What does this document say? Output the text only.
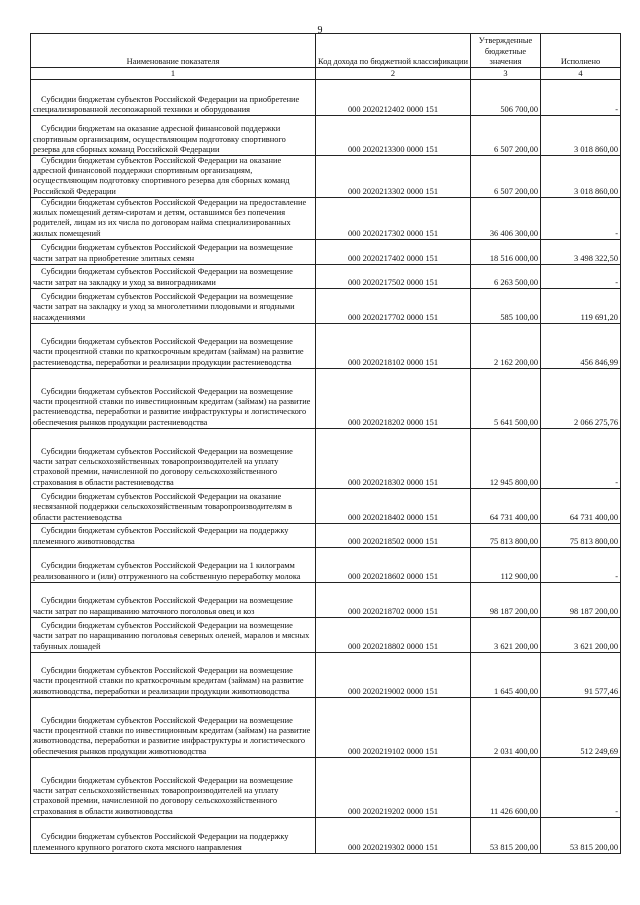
9
Наименование показателя	Код дохода по бюджетной классификации	Утвержденные бюджетные значения	Исполнено
1	2	3	4
Субсидии бюджетам субъектов Российской Федерации на приобретение специализированной лесопожарной техники и оборудования	000 2020212402 0000 151	506 700,00	-
Субсидии бюджетам на оказание адресной финансовой поддержки спортивным организациям, осуществляющим подготовку спортивного резерва для сборных команд Российской Федерации	000 2020213300 0000 151	6 507 200,00	3 018 860,00
Субсидии бюджетам субъектов Российской Федерации на оказание адресной финансовой поддержки спортивным организациям, осуществляющим подготовку спортивного резерва для сборных команд Российской Федерации	000 2020213302 0000 151	6 507 200,00	3 018 860,00
Субсидии бюджетам субъектов Российской Федерации на предоставление жилых помещений детям-сиротам и детям, оставшимся без попечения родителей, лицам из их числа по договорам найма специализированных жилых помещений	000 2020217302 0000 151	36 406 300,00	-
Субсидии бюджетам субъектов Российской Федерации на возмещение части затрат на приобретение элитных семян	000 2020217402 0000 151	18 516 000,00	3 498 322,50
Субсидии бюджетам субъектов Российской Федерации на возмещение части затрат на закладку и уход за виноградниками	000 2020217502 0000 151	6 263 500,00	-
Субсидии бюджетам субъектов Российской Федерации на возмещение части затрат на закладку и уход за многолетними плодовыми и ягодными насаждениями	000 2020217702 0000 151	585 100,00	119 691,20
Субсидии бюджетам субъектов Российской Федерации на возмещение части процентной ставки по краткосрочным кредитам (займам) на развитие растениеводства, переработки и реализации продукции растениеводства	000 2020218102 0000 151	2 162 200,00	456 846,99
Субсидии бюджетам субъектов Российской Федерации на возмещение части процентной ставки по инвестиционным кредитам (займам) на развитие растениеводства, переработки и развитие инфраструктуры и логистического обеспечения рынков продукции растениеводства	000 2020218202 0000 151	5 641 500,00	2 066 275,76
Субсидии бюджетам субъектов Российской Федерации на возмещение части затрат сельскохозяйственных товаропроизводителей на уплату страховой премии, начисленной по договору сельскохозяйственного страхования в области растениеводства	000 2020218302 0000 151	12 945 800,00	-
Субсидии бюджетам субъектов Российской Федерации на оказание несвязанной поддержки сельскохозяйственным товаропроизводителям в области растениеводства	000 2020218402 0000 151	64 731 400,00	64 731 400,00
Субсидии бюджетам субъектов Российской Федерации на поддержку племенного животноводства	000 2020218502 0000 151	75 813 800,00	75 813 800,00
Субсидии бюджетам субъектов Российской Федерации на 1 килограмм реализованного и (или) отгруженного на собственную переработку молока	000 2020218602 0000 151	112 900,00	-
Субсидии бюджетам субъектов Российской Федерации на возмещение части затрат по наращиванию маточного поголовья овец и коз	000 2020218702 0000 151	98 187 200,00	98 187 200,00
Субсидии бюджетам субъектов Российской Федерации на возмещение части затрат по наращиванию поголовья северных оленей, маралов и мясных табунных лошадей	000 2020218802 0000 151	3 621 200,00	3 621 200,00
Субсидии бюджетам субъектов Российской Федерации на возмещение части процентной ставки по краткосрочным кредитам (займам) на развитие животноводства, переработки и реализации продукции животноводства	000 2020219002 0000 151	1 645 400,00	91 577,46
Субсидии бюджетам субъектов Российской Федерации на возмещение части процентной ставки по инвестиционным кредитам (займам) на развитие животноводства, переработки и развитие инфраструктуры и логистического обеспечения рынков продукции животноводства	000 2020219102 0000 151	2 031 400,00	512 249,69
Субсидии бюджетам субъектов Российской Федерации на возмещение части затрат сельскохозяйственных товаропроизводителей на уплату страховой премии, начисленной по договору сельскохозяйственного страхования в области животноводства	000 2020219202 0000 151	11 426 600,00	-
Субсидии бюджетам субъектов Российской Федерации на поддержку племенного крупного рогатого скота мясного направления	000 2020219302 0000 151	53 815 200,00	53 815 200,00
